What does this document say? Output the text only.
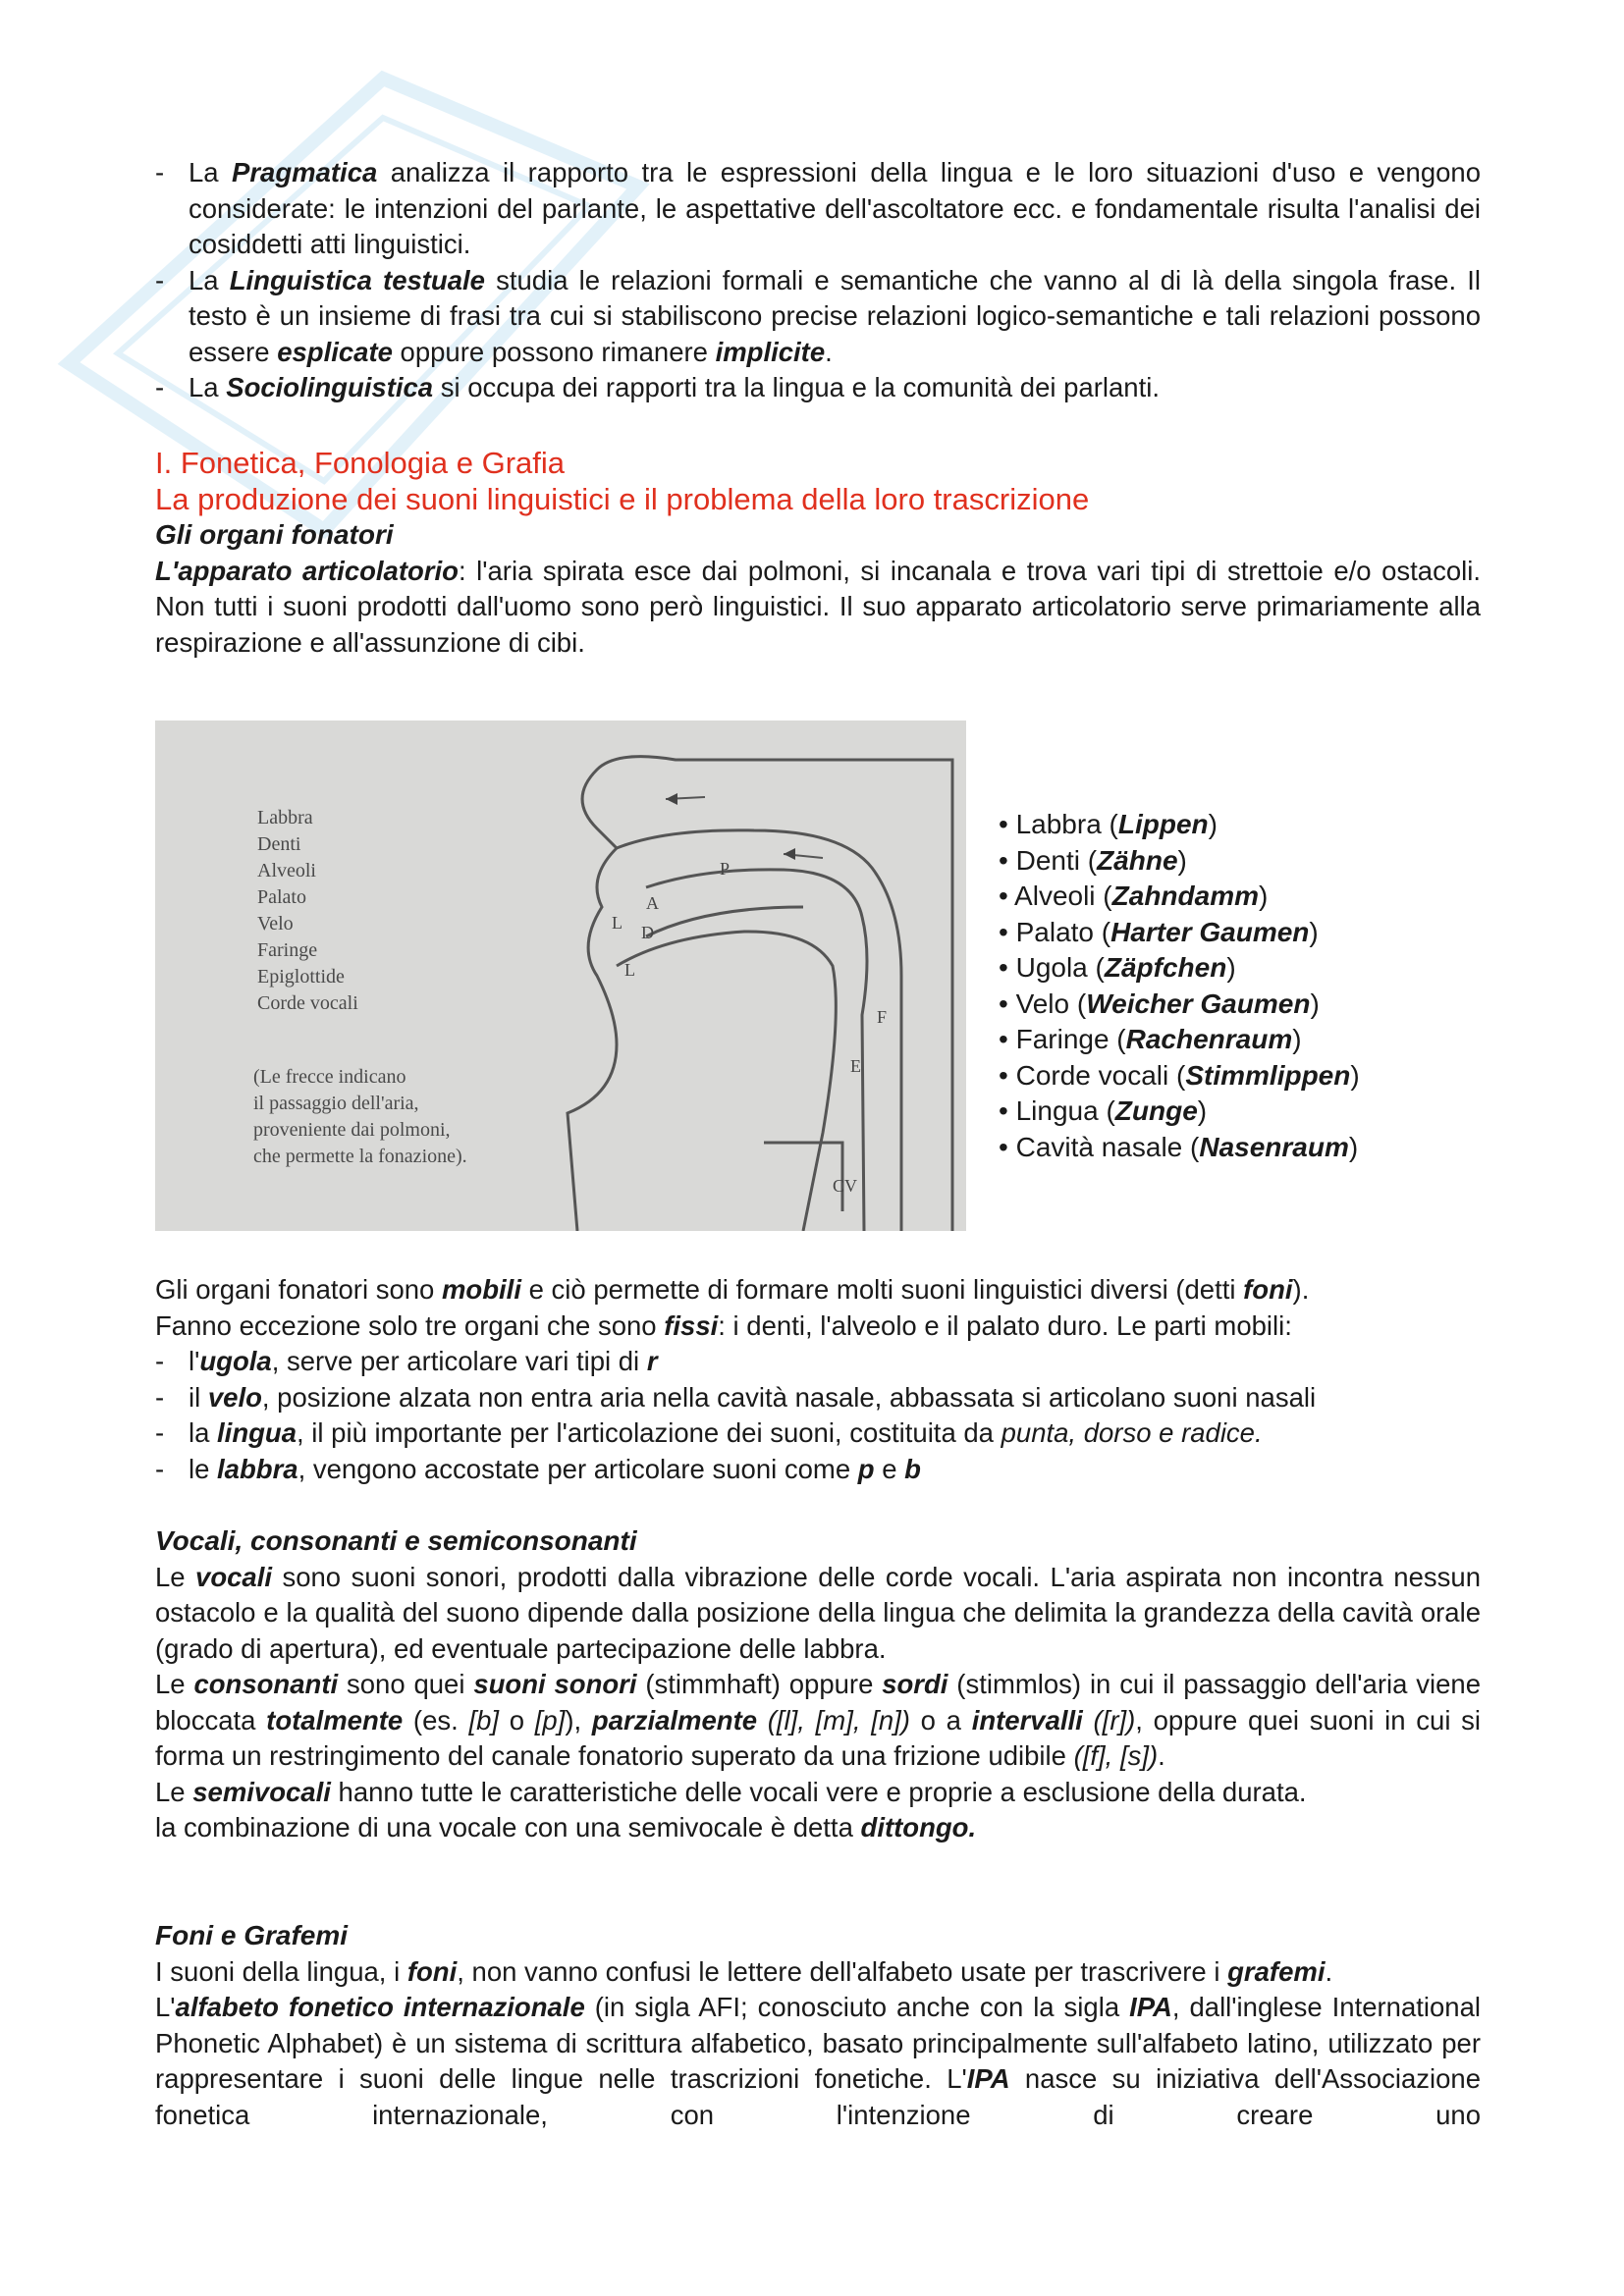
- La Pragmatica analizza il rapporto tra le espressioni della lingua e le loro situazioni d'uso e vengono considerate: le intenzioni del parlante, le aspettative dell'ascoltatore ecc. e fondamentale risulta l'analisi dei cosiddetti atti linguistici.
- La Linguistica testuale studia le relazioni formali e semantiche che vanno al di là della singola frase. Il testo è un insieme di frasi tra cui si stabiliscono precise relazioni logico-semantiche e tali relazioni possono essere esplicate oppure possono rimanere implicite.
- La Sociolinguistica si occupa dei rapporti tra la lingua e la comunità dei parlanti.
I. Fonetica, Fonologia e Grafia
La produzione dei suoni linguistici e il problema della loro trascrizione
Gli organi fonatori
L'apparato articolatorio: l'aria spirata esce dai polmoni, si incanala e trova vari tipi di strettoie e/o ostacoli. Non tutti i suoni prodotti dall'uomo sono però linguistici. Il suo apparato articolatorio serve primariamente alla respirazione e all'assunzione di cibi.
P
A
L D
L
F
E
CV
Labbra
Denti
Alveoli
Palato
Velo
Faringe
Epiglottide
Corde vocali
(Le frecce indicano
il passaggio dell'aria,
proveniente dai polmoni,
che permette la fonazione).
• Labbra (Lippen)
• Denti (Zähne)
• Alveoli (Zahndamm)
• Palato (Harter Gaumen)
• Ugola (Zäpfchen)
• Velo (Weicher Gaumen)
• Faringe (Rachenraum)
• Corde vocali (Stimmlippen)
• Lingua (Zunge)
• Cavità nasale (Nasenraum)
Gli organi fonatori sono mobili e ciò permette di formare molti suoni linguistici diversi (detti foni).
Fanno eccezione solo tre organi che sono fissi: i denti, l'alveolo e il palato duro. Le parti mobili:
- l'ugola, serve per articolare vari tipi di r
- il velo, posizione alzata non entra aria nella cavità nasale, abbassata si articolano suoni nasali
- la lingua, il più importante per l'articolazione dei suoni, costituita da punta, dorso e radice.
- le labbra, vengono accostate per articolare suoni come p e b
Vocali, consonanti e semiconsonanti
Le vocali sono suoni sonori, prodotti dalla vibrazione delle corde vocali. L'aria aspirata non incontra nessun ostacolo e la qualità del suono dipende dalla posizione della lingua che delimita la grandezza della cavità orale (grado di apertura), ed eventuale partecipazione delle labbra.
Le consonanti sono quei suoni sonori (stimmhaft) oppure sordi (stimmlos) in cui il passaggio dell'aria viene bloccata totalmente (es. [b] o [p]), parzialmente ([l], [m], [n]) o a intervalli ([r]), oppure quei suoni in cui si forma un restringimento del canale fonatorio superato da una frizione udibile ([f], [s]).
Le semivocali hanno tutte le caratteristiche delle vocali vere e proprie a esclusione della durata.
la combinazione di una vocale con una semivocale è detta dittongo.
Foni e Grafemi
I suoni della lingua, i foni, non vanno confusi le lettere dell'alfabeto usate per trascrivere i grafemi.
L'alfabeto fonetico internazionale (in sigla AFI; conosciuto anche con la sigla IPA, dall'inglese International Phonetic Alphabet) è un sistema di scrittura alfabetico, basato principalmente sull'alfabeto latino, utilizzato per rappresentare i suoni delle lingue nelle trascrizioni fonetiche. L'IPA nasce su iniziativa dell'Associazione fonetica internazionale, con l'intenzione di creare uno
